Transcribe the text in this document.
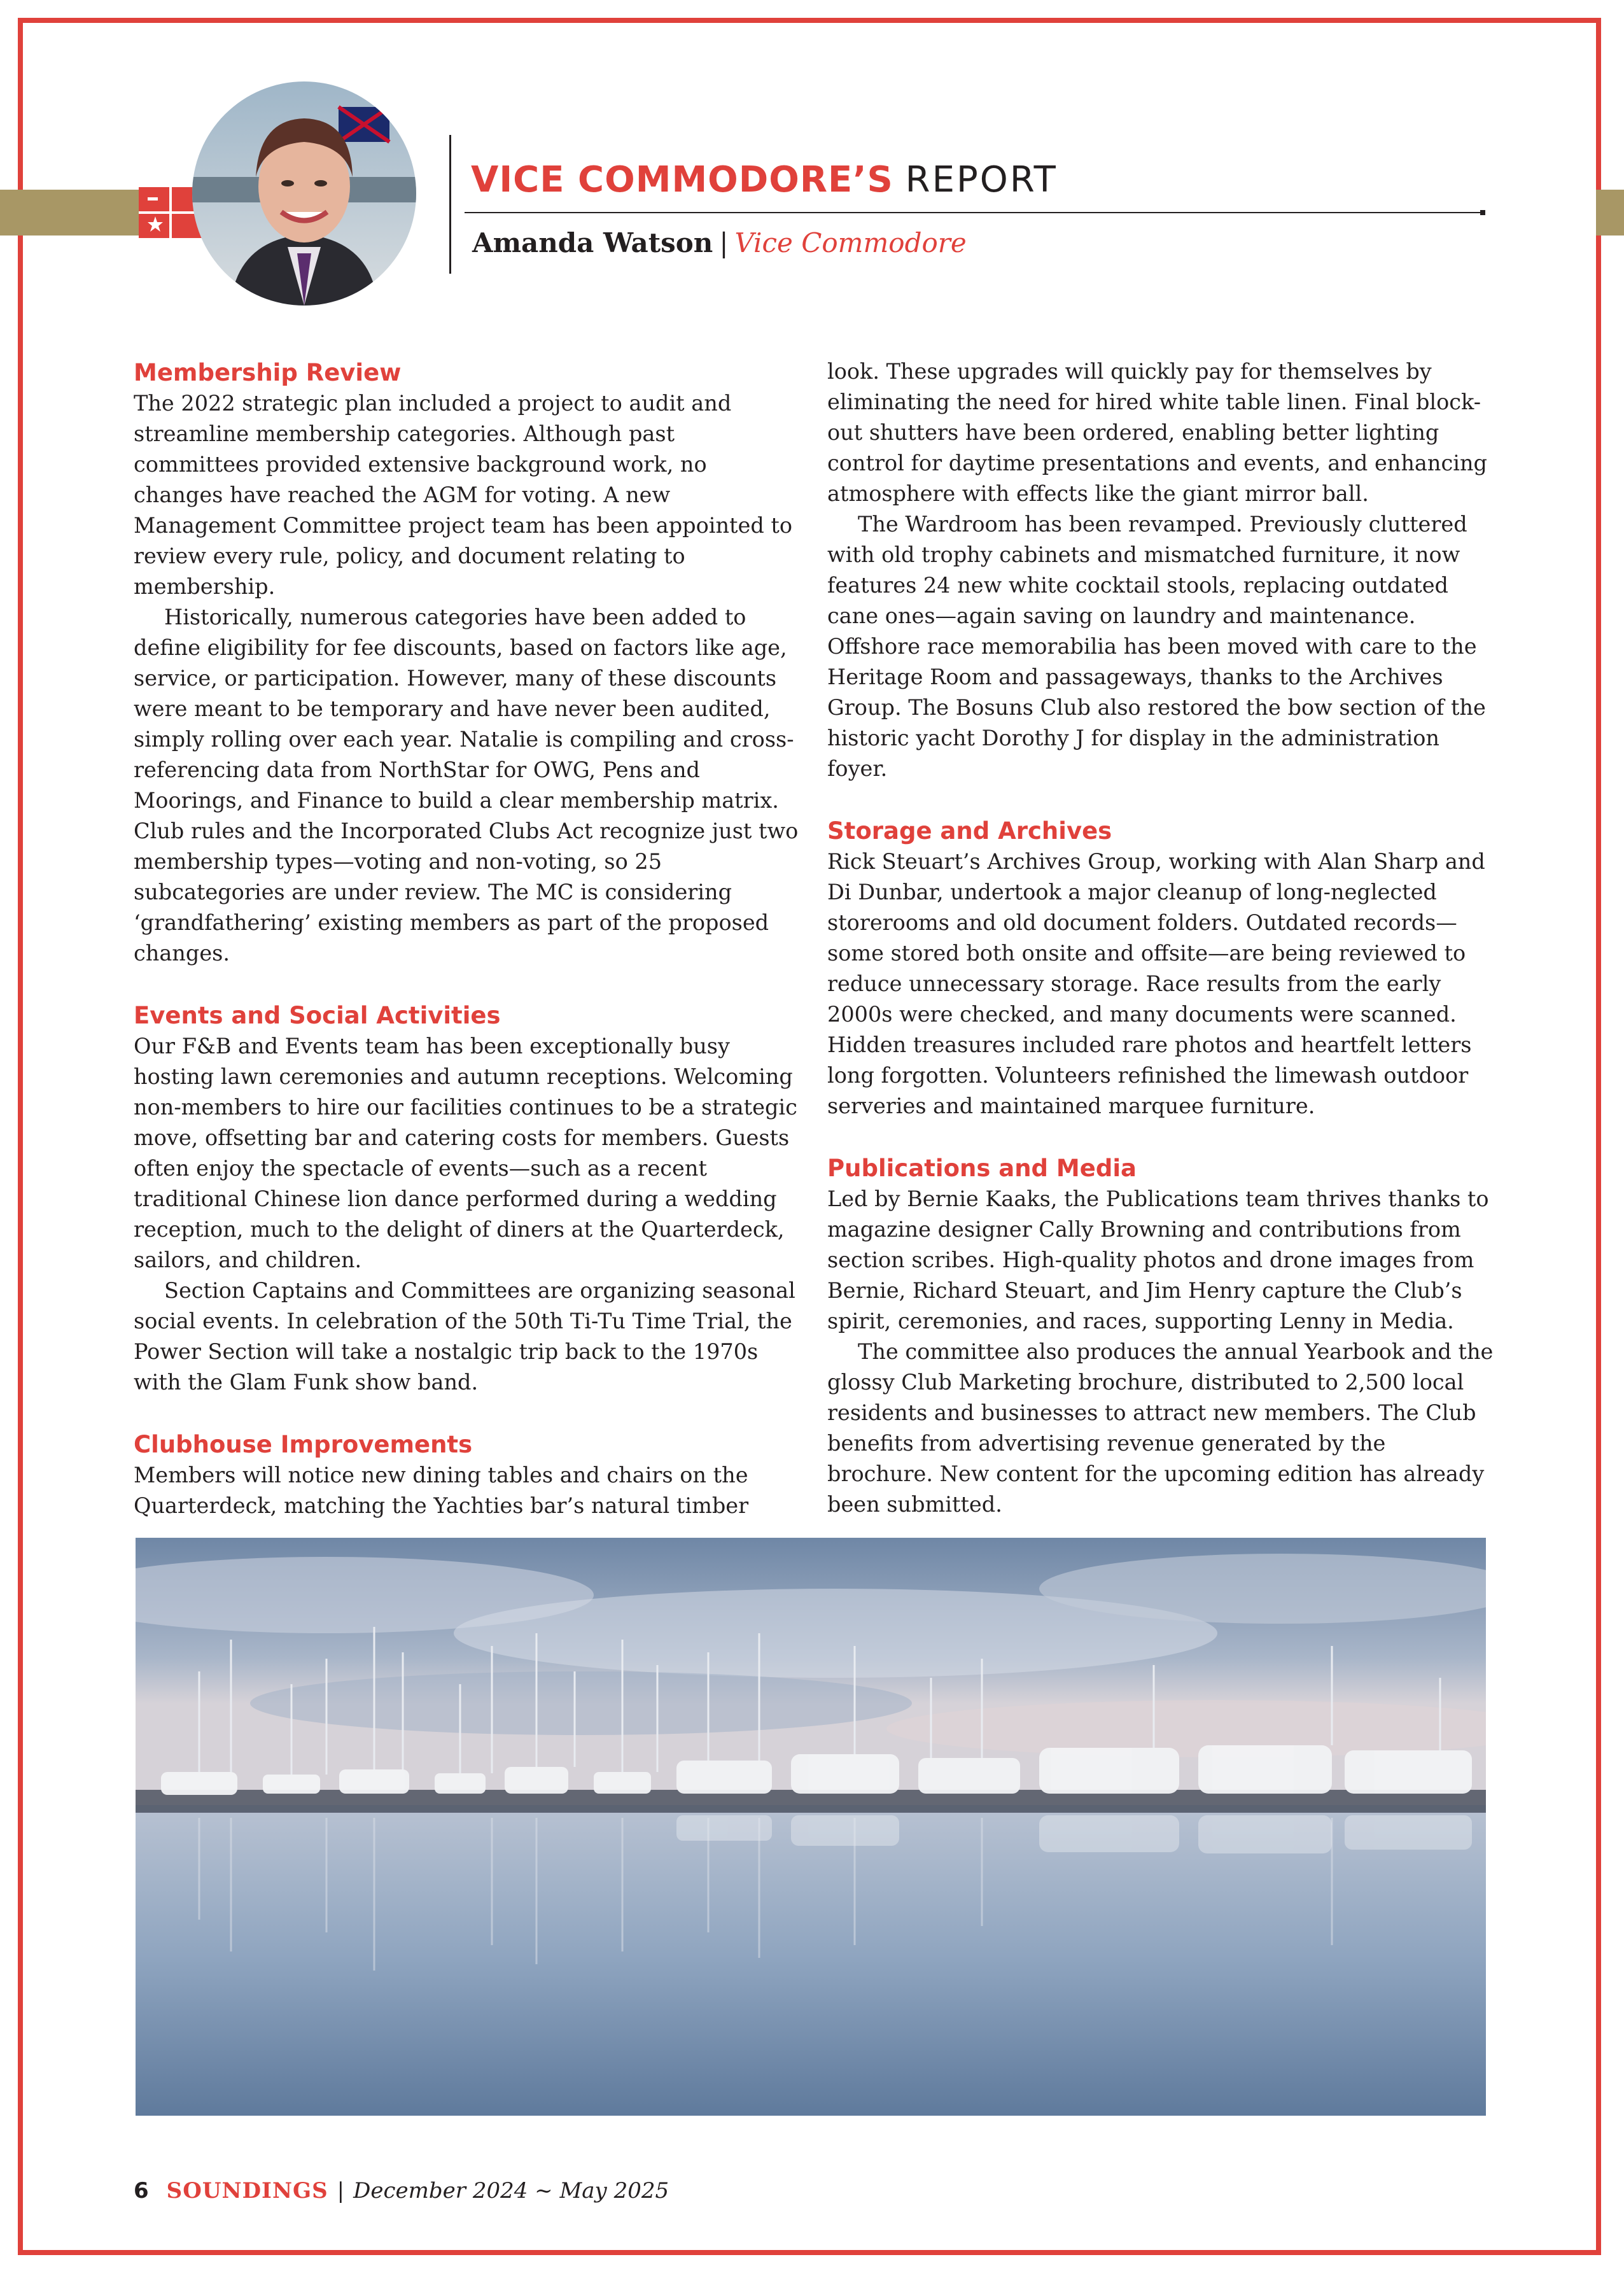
VICE COMMODORE’S REPORT
Amanda Watson | Vice Commodore
Membership Review

The 2022 strategic plan included a project to audit and streamline membership categories. Although past committees provided extensive background work, no changes have reached the AGM for voting. A new Management Committee project team has been appointed to review every rule, policy, and document relating to membership.

Historically, numerous categories have been added to define eligibility for fee discounts, based on factors like age, service, or participation. However, many of these discounts were meant to be temporary and have never been audited, simply rolling over each year. Natalie is compiling and cross-referencing data from NorthStar for OWG, Pens and Moorings, and Finance to build a clear membership matrix. Club rules and the Incorporated Clubs Act recognize just two membership types—voting and non-voting, so 25 subcategories are under review. The MC is considering ‘grandfathering’ existing members as part of the proposed changes.

Events and Social Activities

Our F&B and Events team has been exceptionally busy hosting lawn ceremonies and autumn receptions. Welcoming non-members to hire our facilities continues to be a strategic move, offsetting bar and catering costs for members. Guests often enjoy the spectacle of events—such as a recent traditional Chinese lion dance performed during a wedding reception, much to the delight of diners at the Quarterdeck, sailors, and children.

Section Captains and Committees are organizing seasonal social events. In celebration of the 50th Ti-Tu Time Trial, the Power Section will take a nostalgic trip back to the 1970s with the Glam Funk show band.

Clubhouse Improvements

Members will notice new dining tables and chairs on the Quarterdeck, matching the Yachties bar’s natural timber

look. These upgrades will quickly pay for themselves by eliminating the need for hired white table linen. Final block-out shutters have been ordered, enabling better lighting control for daytime presentations and events, and enhancing atmosphere with effects like the giant mirror ball.

The Wardroom has been revamped. Previously cluttered with old trophy cabinets and mismatched furniture, it now features 24 new white cocktail stools, replacing outdated cane ones—again saving on laundry and maintenance. Offshore race memorabilia has been moved with care to the Heritage Room and passageways, thanks to the Archives Group. The Bosuns Club also restored the bow section of the historic yacht Dorothy J for display in the administration foyer.

Storage and Archives

Rick Steuart’s Archives Group, working with Alan Sharp and Di Dunbar, undertook a major cleanup of long-neglected storerooms and old document folders. Outdated records—some stored both onsite and offsite—are being reviewed to reduce unnecessary storage. Race results from the early 2000s were checked, and many documents were scanned. Hidden treasures included rare photos and heartfelt letters long forgotten. Volunteers refinished the limewash outdoor serveries and maintained marquee furniture.

Publications and Media

Led by Bernie Kaaks, the Publications team thrives thanks to magazine designer Cally Browning and contributions from section scribes. High-quality photos and drone images from Bernie, Richard Steuart, and Jim Henry capture the Club’s spirit, ceremonies, and races, supporting Lenny in Media.

The committee also produces the annual Yearbook and the glossy Club Marketing brochure, distributed to 2,500 local residents and businesses to attract new members. The Club benefits from advertising revenue generated by the brochure. New content for the upcoming edition has already been submitted.

6 SOUNDINGS | December 2024 ~ May 2025
